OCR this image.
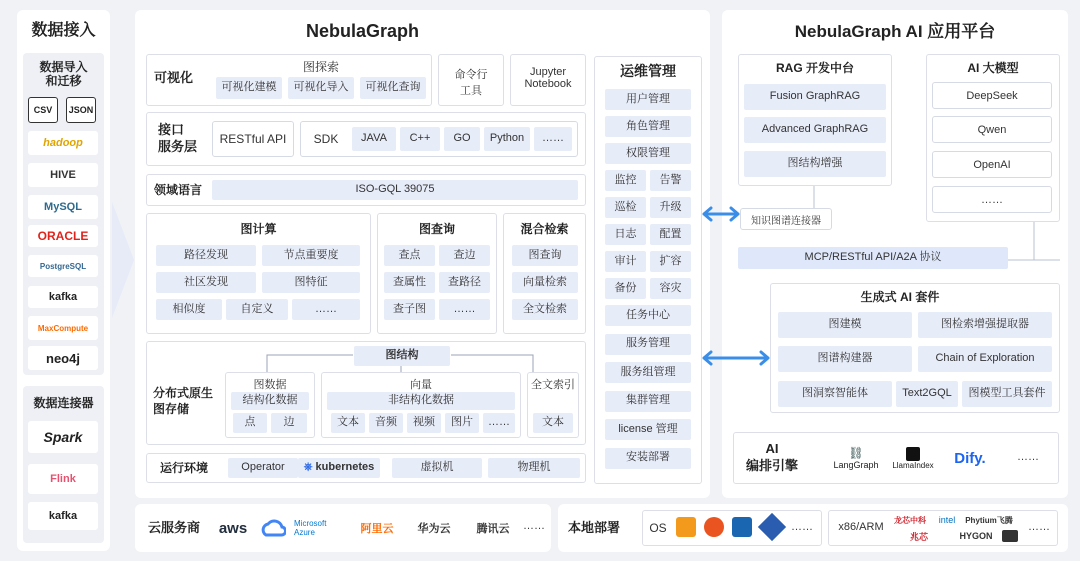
数据接入
数据导入
和迁移
CSV	JSON
hadoop
HIVE
MySQL
ORACLE
PostgreSQL
kafka
MaxCompute
neo4j
数据连接器
Spark
Flink
kafka
NebulaGraph
可视化
图探索
可视化建模	可视化导入	可视化查询
命令行
工具
Jupyter
Notebook
接口
服务层	RESTful API	SDK	JAVA	C++	GO	Python	……
领域语言	ISO-GQL 39075
图计算
路径发现	节点重要度
社区发现	图特征
相似度	自定义	……
图查询
查点	查边
查属性	查路径
查子图	……
混合检索
图查询
向量检索
全文检索
分布式原生
图存储
图结构
图数据
结构化数据
点	边
向量
非结构化数据
文本	音频	视频	图片	……
全文索引
文本
运行环境	Operator	⎈ kubernetes	虚拟机	物理机
运维管理
用户管理
角色管理
权限管理
监控	告警
巡检	升级
日志	配置
审计	扩容
备份	容灾
任务中心
服务管理
服务组管理
集群管理
license 管理
安装部署
NebulaGraph AI 应用平台
RAG 开发中台
Fusion GraphRAG
Advanced GraphRAG
图结构增强
AI 大模型
DeepSeek
Qwen
OpenAI
……
知识图谱连接器
MCP/RESTful API/A2A 协议
生成式 AI 套件
图建模	图检索增强提取器
图谱构建器	Chain of Exploration
图洞察智能体	Text2GQL	图模型工具套件
AI
编排引擎
⛓
LangGraph LlamaIndex	Dify.	……
云服务商	aws	Microsoft Azure	阿里云	华为云	腾讯云	…… 本地部署 OS	……	x86/ARM
龙芯中科	intel	Phytium飞腾
兆芯	HYGON
……
